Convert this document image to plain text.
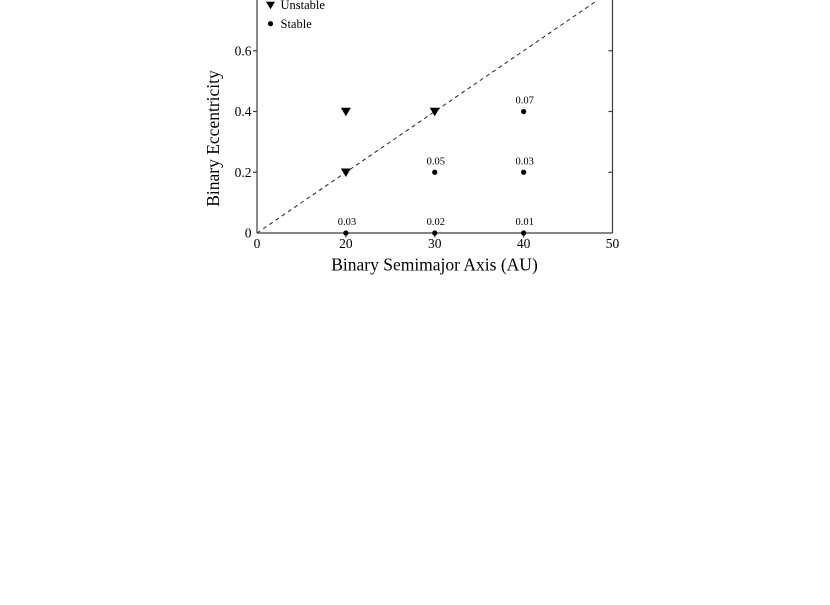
0	20	30	40	50
0
0.2
0.4
0.6
0.07
0.05	0.03
0.03	0.02	0.01
Unstable
Stable
Binary Semimajor Axis (AU)
Binary Eccentricity
